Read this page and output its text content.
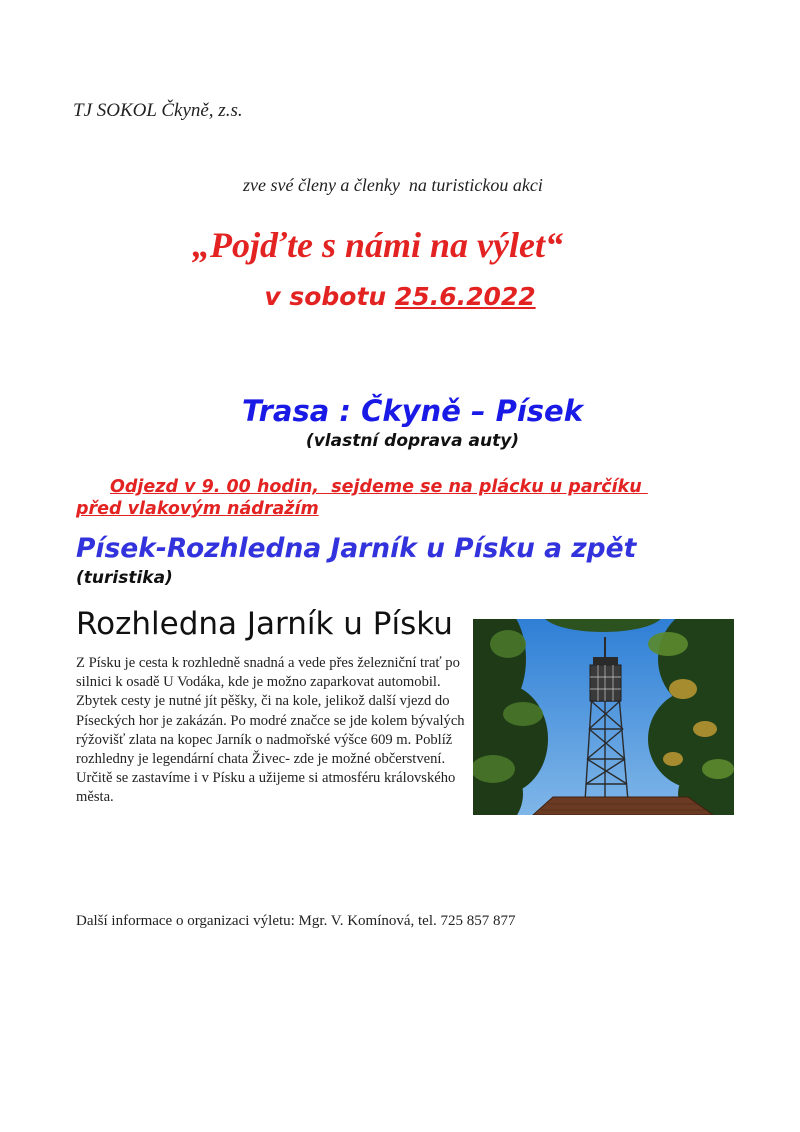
TJ SOKOL Čkyně, z.s.
zve své členy a členky  na turistickou akci
„Pojďte s námi na výlet“
v sobotu 25.6.2022
Trasa : Čkyně – Písek
(vlastní doprava auty)
Odjezd v 9. 00 hodin,  sejdeme se na plácku u parčíku
před vlakovým nádražím
Písek-Rozhledna Jarník u Písku a zpět
(turistika)
Rozhledna Jarník u Písku
Z Písku je cesta k rozhledně snadná a vede přes železniční trať po silnici k osadě U Vodáka, kde je možno zaparkovat automobil. Zbytek cesty je nutné jít pěšky, či na kole, jelikož další vjezd do Píseckých hor je zakázán. Po modré značce se jde kolem bývalých rýžovišť zlata na kopec Jarník o nadmořské výšce 609 m. Poblíž rozhledny je legendární chata Živec- zde je možné občerstvení. Určitě se zastavíme i v Písku a užijeme si atmosféru královského města.
Další informace o organizaci výletu: Mgr. V. Komínová, tel. 725 857 877
